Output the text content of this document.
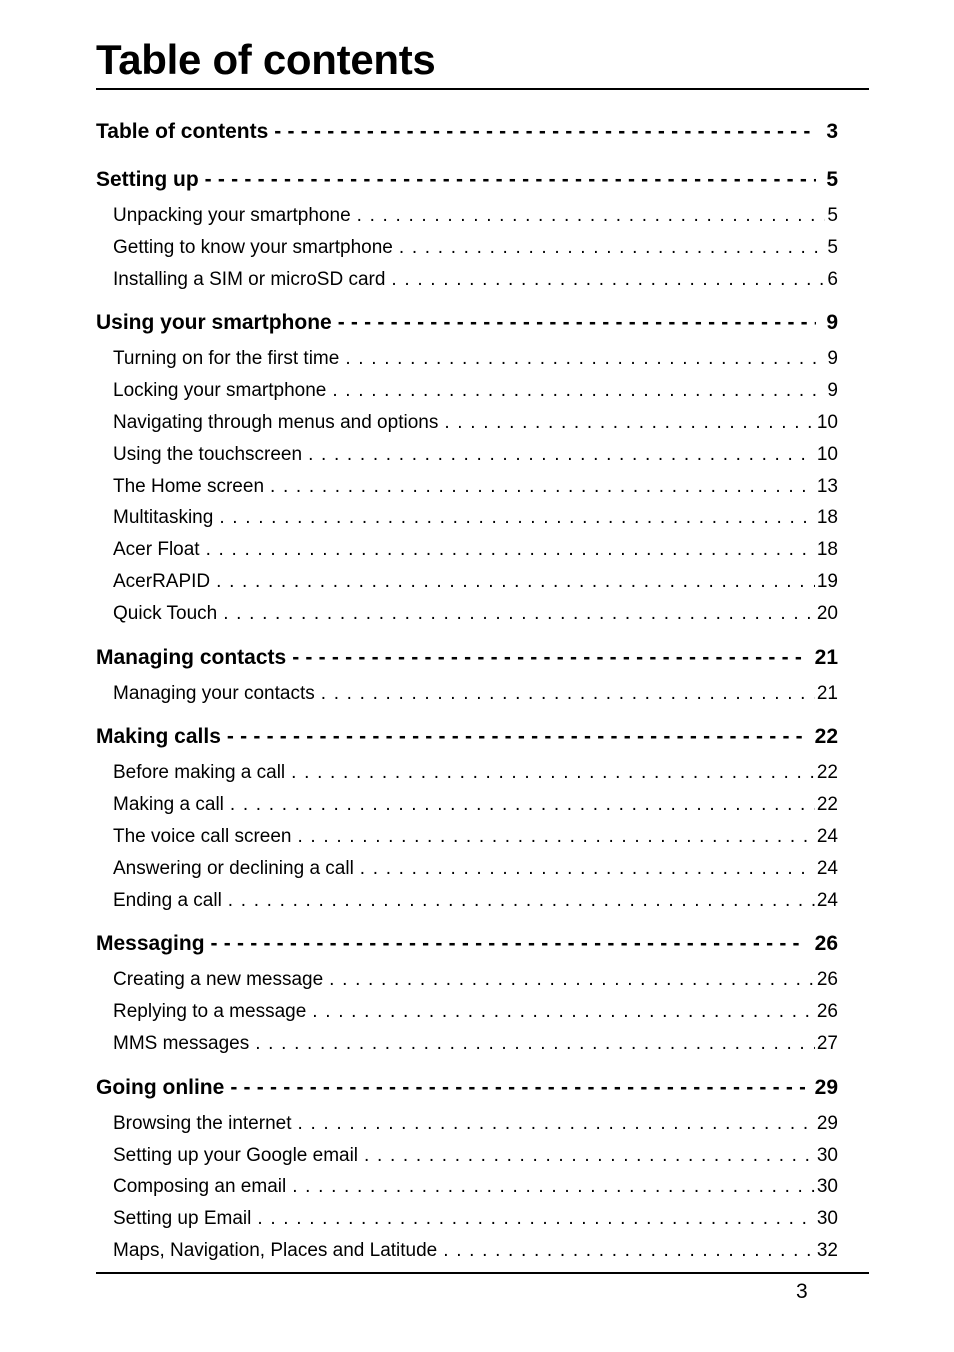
Table of contents
Table of contents - - -	3
Setting up - - -	5
Unpacking your smartphone . . .	5
Getting to know your smartphone . . .	5
Installing a SIM or microSD card . . .	6
Using your smartphone - - -	9
Turning on for the first time . . .	9
Locking your smartphone . . .	9
Navigating through menus and options . . .	10
Using the touchscreen . . .	10
The Home screen . . .	13
Multitasking . . .	18
Acer Float . . .	18
AcerRAPID . . .	19
Quick Touch . . .	20
Managing contacts - - -	21
Managing your contacts . . .	21
Making calls - - -	22
Before making a call . . .	22
Making a call . . .	22
The voice call screen . . .	24
Answering or declining a call . . .	24
Ending a call . . .	24
Messaging - - -	26
Creating a new message . . .	26
Replying to a message . . .	26
MMS messages . . .	27
Going online - - -	29
Browsing the internet . . .	29
Setting up your Google email . . .	30
Composing an email . . .	30
Setting up Email . . .	30
Maps, Navigation, Places and Latitude . . .	32
3
